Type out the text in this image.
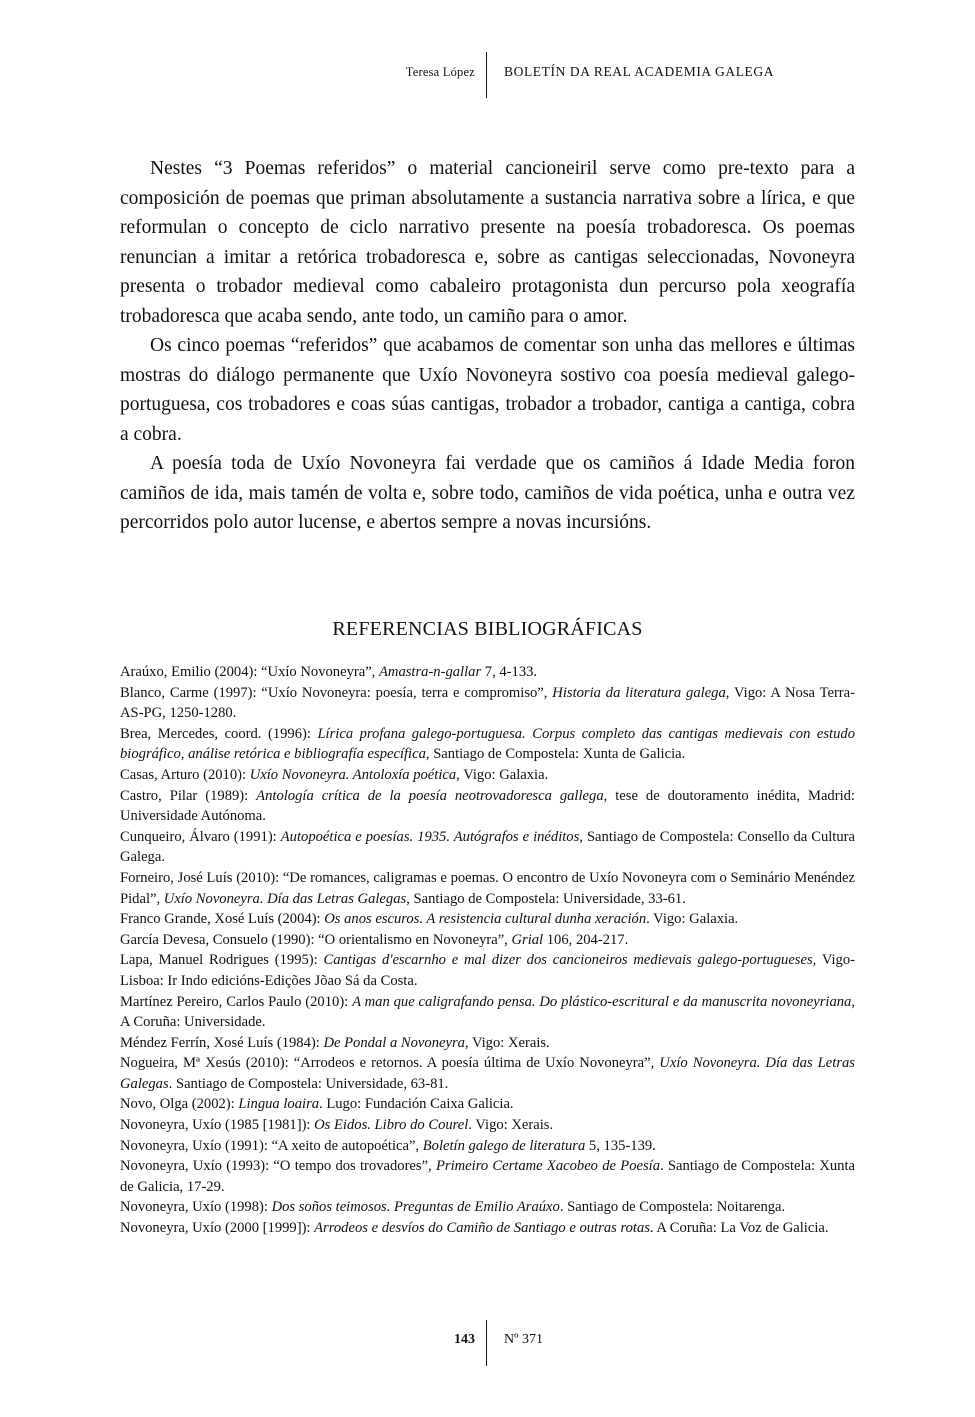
Teresa López BOLETÍN DA REAL ACADEMIA GALEGA

Nestes “3 Poemas referidos” o material cancioneiril serve como pre-texto para a composición de poemas que priman absolutamente a sustancia narrativa sobre a lírica, e que reformulan o concepto de ciclo narrativo presente na poesía trobadoresca. Os poemas renuncian a imitar a retórica trobadoresca e, sobre as cantigas seleccionadas, Novoneyra presenta o trobador medieval como cabaleiro protagonista dun percurso pola xeografía trobadoresca que acaba sendo, ante todo, un camiño para o amor.

Os cinco poemas “referidos” que acabamos de comentar son unha das mellores e últimas mostras do diálogo permanente que Uxío Novoneyra sostivo coa poesía medieval galego-portuguesa, cos trobadores e coas súas cantigas, trobador a trobador, cantiga a cantiga, cobra a cobra.

A poesía toda de Uxío Novoneyra fai verdade que os camiños á Idade Media foron camiños de ida, mais tamén de volta e, sobre todo, camiños de vida poética, unha e outra vez percorridos polo autor lucense, e abertos sempre a novas incursións.

REFERENCIAS BIBLIOGRÁFICAS

Araúxo, Emilio (2004): “Uxío Novoneyra”, Amastra-n-gallar 7, 4-133.

Blanco, Carme (1997): “Uxío Novoneyra: poesía, terra e compromiso”, Historia da literatura galega, Vigo: A Nosa Terra-AS-PG, 1250-1280.

Brea, Mercedes, coord. (1996): Lírica profana galego-portuguesa. Corpus completo das cantigas medievais con estudo biográfico, análise retórica e bibliografía específica, Santiago de Compostela: Xunta de Galicia.

Casas, Arturo (2010): Uxío Novoneyra. Antoloxía poética, Vigo: Galaxia.

Castro, Pilar (1989): Antología crítica de la poesía neotrovadoresca gallega, tese de doutoramento inédita, Madrid: Universidade Autónoma.

Cunqueiro, Álvaro (1991): Autopoética e poesías. 1935. Autógrafos e inéditos, Santiago de Compostela: Consello da Cultura Galega.

Forneiro, José Luís (2010): “De romances, caligramas e poemas. O encontro de Uxío Novoneyra com o Seminário Menéndez Pidal”, Uxío Novoneyra. Día das Letras Galegas, Santiago de Compostela: Universidade, 33-61.

Franco Grande, Xosé Luís (2004): Os anos escuros. A resistencia cultural dunha xeración. Vigo: Galaxia.

García Devesa, Consuelo (1990): “O orientalismo en Novoneyra”, Grial 106, 204-217.

Lapa, Manuel Rodrigues (1995): Cantigas d'escarnho e mal dizer dos cancioneiros medievais galego-portugueses, Vigo-Lisboa: Ir Indo edicións-Edições Jõao Sá da Costa.

Martínez Pereiro, Carlos Paulo (2010): A man que caligrafando pensa. Do plástico-escritural e da manuscrita novoneyriana, A Coruña: Universidade.

Méndez Ferrín, Xosé Luís (1984): De Pondal a Novoneyra, Vigo: Xerais.

Nogueira, Mª Xesús (2010): “Arrodeos e retornos. A poesía última de Uxío Novoneyra”, Uxío Novoneyra. Día das Letras Galegas. Santiago de Compostela: Universidade, 63-81.

Novo, Olga (2002): Lingua loaira. Lugo: Fundación Caixa Galicia.

Novoneyra, Uxío (1985 [1981]): Os Eidos. Libro do Courel. Vigo: Xerais.

Novoneyra, Uxío (1991): “A xeito de autopoética”, Boletín galego de literatura 5, 135-139.

Novoneyra, Uxío (1993): “O tempo dos trovadores”, Primeiro Certame Xacobeo de Poesía. Santiago de Compostela: Xunta de Galicia, 17-29.

Novoneyra, Uxío (1998): Dos soños teimosos. Preguntas de Emilio Araúxo. Santiago de Compostela: Noitarenga.

Novoneyra, Uxío (2000 [1999]): Arrodeos e desvíos do Camiño de Santiago e outras rotas. A Coruña: La Voz de Galicia.

143 Nº 371
